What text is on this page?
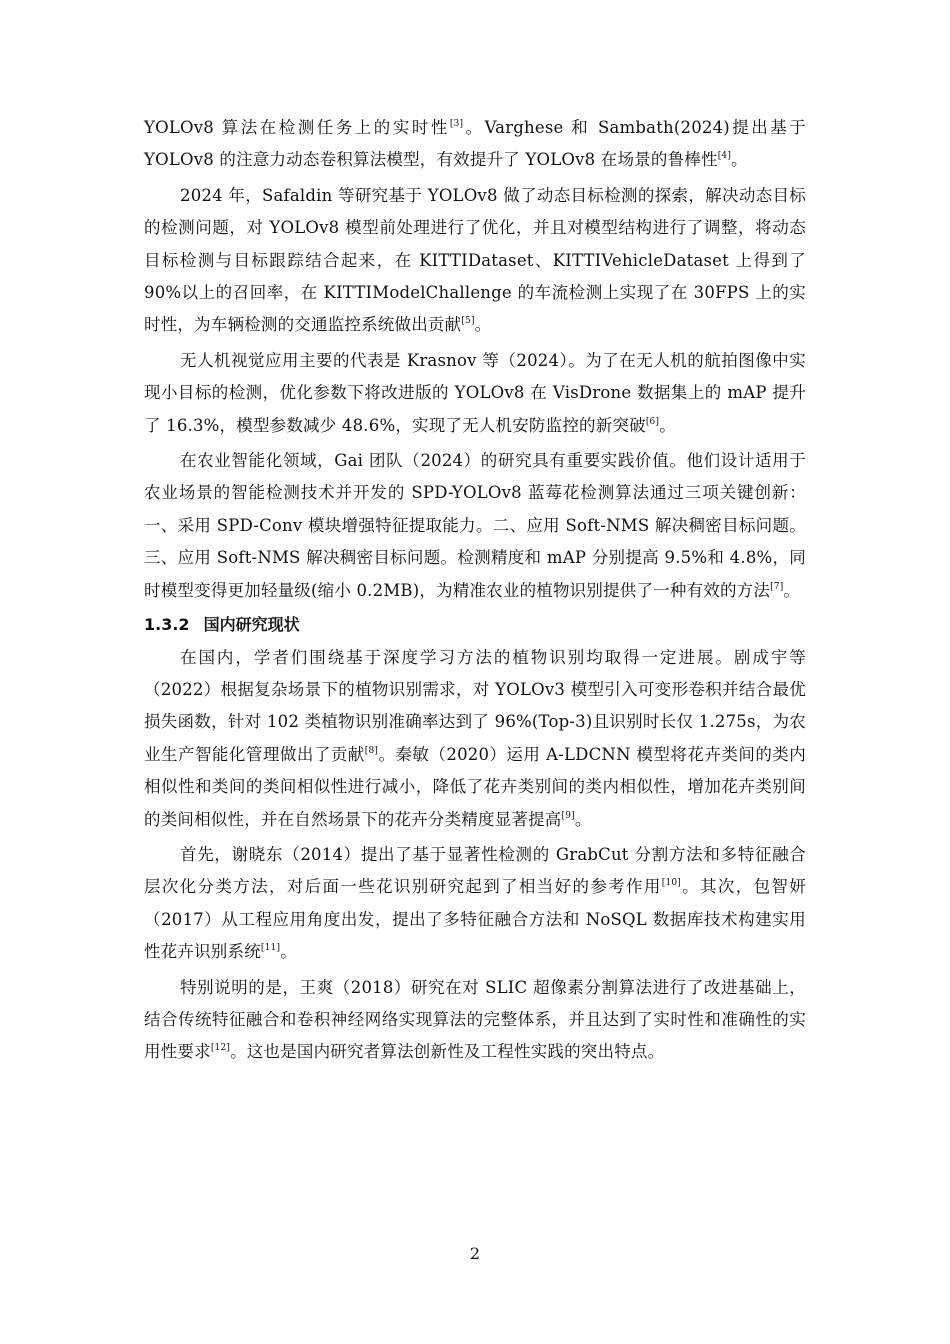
YOLOv8 算法在检测任务上的实时性[3]。Varghese 和 Sambath(2024)提出基于 YOLOv8 的注意力动态卷积算法模型，有效提升了 YOLOv8 在场景的鲁棒性[4]。

2024 年，Safaldin 等研究基于 YOLOv8 做了动态目标检测的探索，解决动态目标的检测问题，对 YOLOv8 模型前处理进行了优化，并且对模型结构进行了调整，将动态目标检测与目标跟踪结合起来，在 KITTIDataset、KITTIVehicleDataset 上得到了 90%以上的召回率，在 KITTIModelChallenge 的车流检测上实现了在 30FPS 上的实时性，为车辆检测的交通监控系统做出贡献[5]。

无人机视觉应用主要的代表是 Krasnov 等（2024）。为了在无人机的航拍图像中实现小目标的检测，优化参数下将改进版的 YOLOv8 在 VisDrone 数据集上的 mAP 提升了 16.3%，模型参数减少 48.6%，实现了无人机安防监控的新突破[6]。

在农业智能化领域，Gai 团队（2024）的研究具有重要实践价值。他们设计适用于农业场景的智能检测技术并开发的 SPD-YOLOv8 蓝莓花检测算法通过三项关键创新：一、采用 SPD-Conv 模块增强特征提取能力。二、应用 Soft-NMS 解决稠密目标问题。三、应用 Soft-NMS 解决稠密目标问题。检测精度和 mAP 分别提高 9.5%和 4.8%，同时模型变得更加轻量级(缩小 0.2MB)，为精准农业的植物识别提供了一种有效的方法[7]。

1.3.2 国内研究现状

在国内，学者们围绕基于深度学习方法的植物识别均取得一定进展。剧成宇等（2022）根据复杂场景下的植物识别需求，对 YOLOv3 模型引入可变形卷积并结合最优损失函数，针对 102 类植物识别准确率达到了 96%(Top-3)且识别时长仅 1.275s，为农业生产智能化管理做出了贡献[8]。秦敏（2020）运用 A-LDCNN 模型将花卉类间的类内相似性和类间的类间相似性进行减小，降低了花卉类别间的类内相似性，增加花卉类别间的类间相似性，并在自然场景下的花卉分类精度显著提高[9]。

首先，谢晓东（2014）提出了基于显著性检测的 GrabCut 分割方法和多特征融合层次化分类方法，对后面一些花识别研究起到了相当好的参考作用[10]。其次，包智妍（2017）从工程应用角度出发，提出了多特征融合方法和 NoSQL 数据库技术构建实用性花卉识别系统[11]。

特别说明的是，王爽（2018）研究在对 SLIC 超像素分割算法进行了改进基础上，结合传统特征融合和卷积神经网络实现算法的完整体系，并且达到了实时性和准确性的实用性要求[12]。这也是国内研究者算法创新性及工程性实践的突出特点。

2
